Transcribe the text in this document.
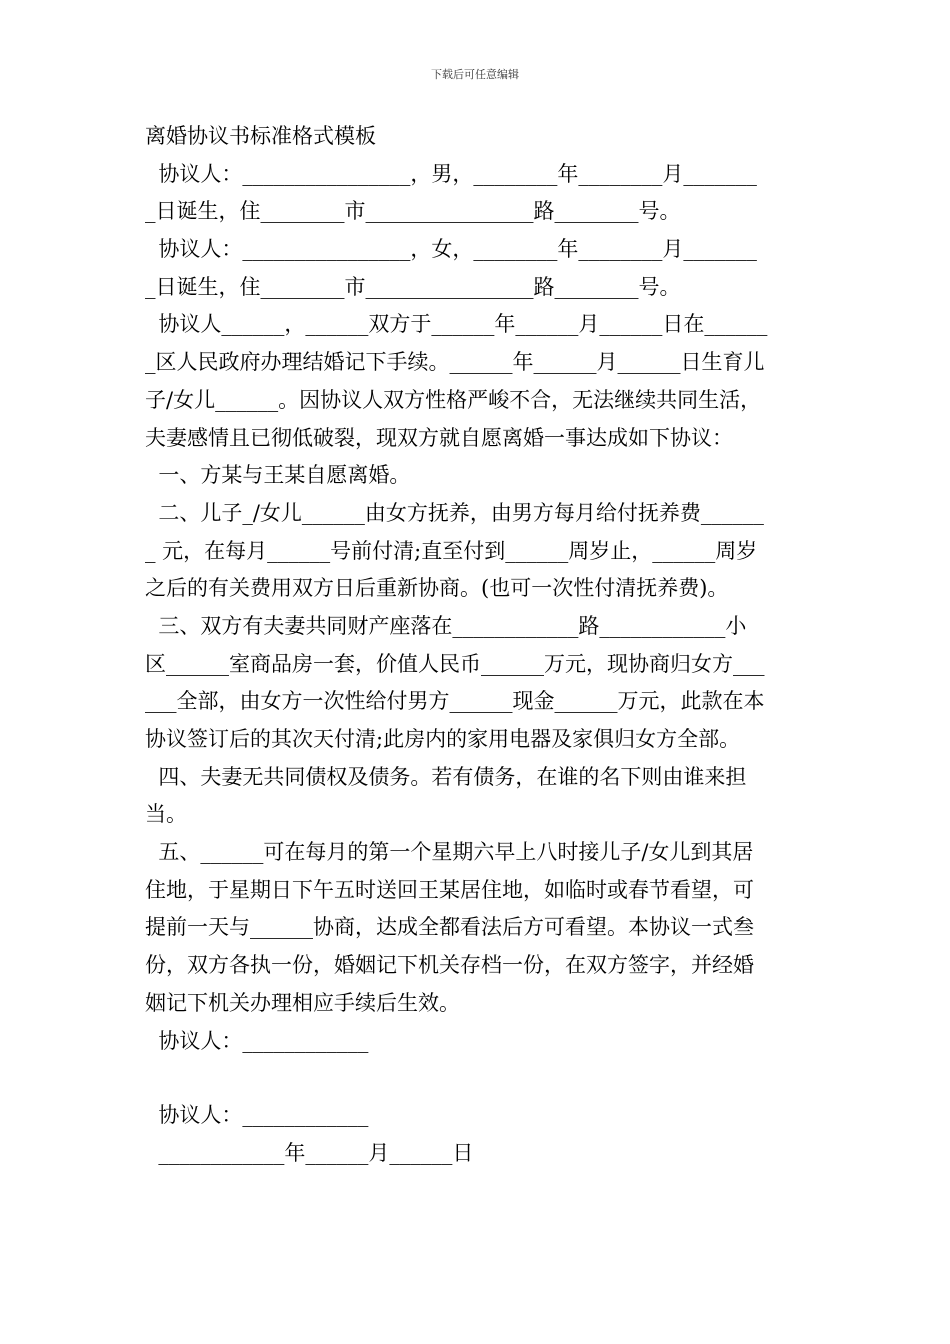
下载后可任意编辑
离婚协议书标准格式模板
协议人：________________，男，________年________月_______
_日诞生，住________市________________路________号。
协议人：________________，女，________年________月_______
_日诞生，住________市________________路________号。
协议人______，______双方于______年______月______日在______
_区人民政府办理结婚记下手续。______年______月______日生育儿
子/女儿______。因协议人双方性格严峻不合，无法继续共同生活，
夫妻感情且已彻低破裂，现双方就自愿离婚一事达成如下协议：
一、方某与王某自愿离婚。
二、儿子_/女儿______由女方抚养，由男方每月给付抚养费______
_ 元，在每月______号前付清;直至付到______周岁止，______周岁
之后的有关费用双方日后重新协商。(也可一次性付清抚养费)。
三、双方有夫妻共同财产座落在____________路____________小
区______室商品房一套，价值人民币______万元，现协商归女方___
___全部，由女方一次性给付男方______现金______万元，此款在本
协议签订后的其次天付清;此房内的家用电器及家俱归女方全部。
四、夫妻无共同债权及债务。若有债务，在谁的名下则由谁来担
当。
五、______可在每月的第一个星期六早上八时接儿子/女儿到其居
住地，于星期日下午五时送回王某居住地，如临时或春节看望，可
提前一天与______协商，达成全都看法后方可看望。本协议一式叁
份，双方各执一份，婚姻记下机关存档一份，在双方签字，并经婚
姻记下机关办理相应手续后生效。
协议人：____________
协议人：____________
____________年______月______日
